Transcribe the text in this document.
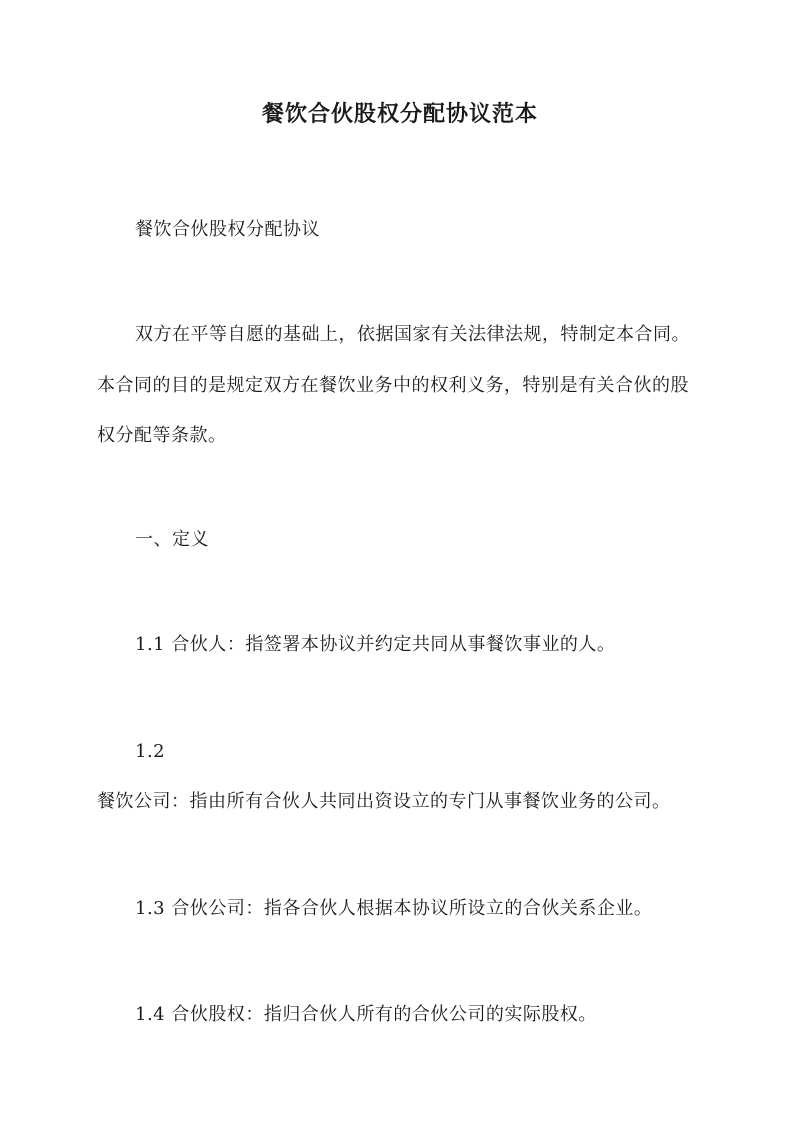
餐饮合伙股权分配协议范本
餐饮合伙股权分配协议
双方在平等自愿的基础上，依据国家有关法律法规，特制定本合同。
本合同的目的是规定双方在餐饮业务中的权利义务，特别是有关合伙的股
权分配等条款。
一、定义
1.1 合伙人：指签署本协议并约定共同从事餐饮事业的人。
1.2
餐饮公司：指由所有合伙人共同出资设立的专门从事餐饮业务的公司。
1.3 合伙公司：指各合伙人根据本协议所设立的合伙关系企业。
1.4 合伙股权：指归合伙人所有的合伙公司的实际股权。
